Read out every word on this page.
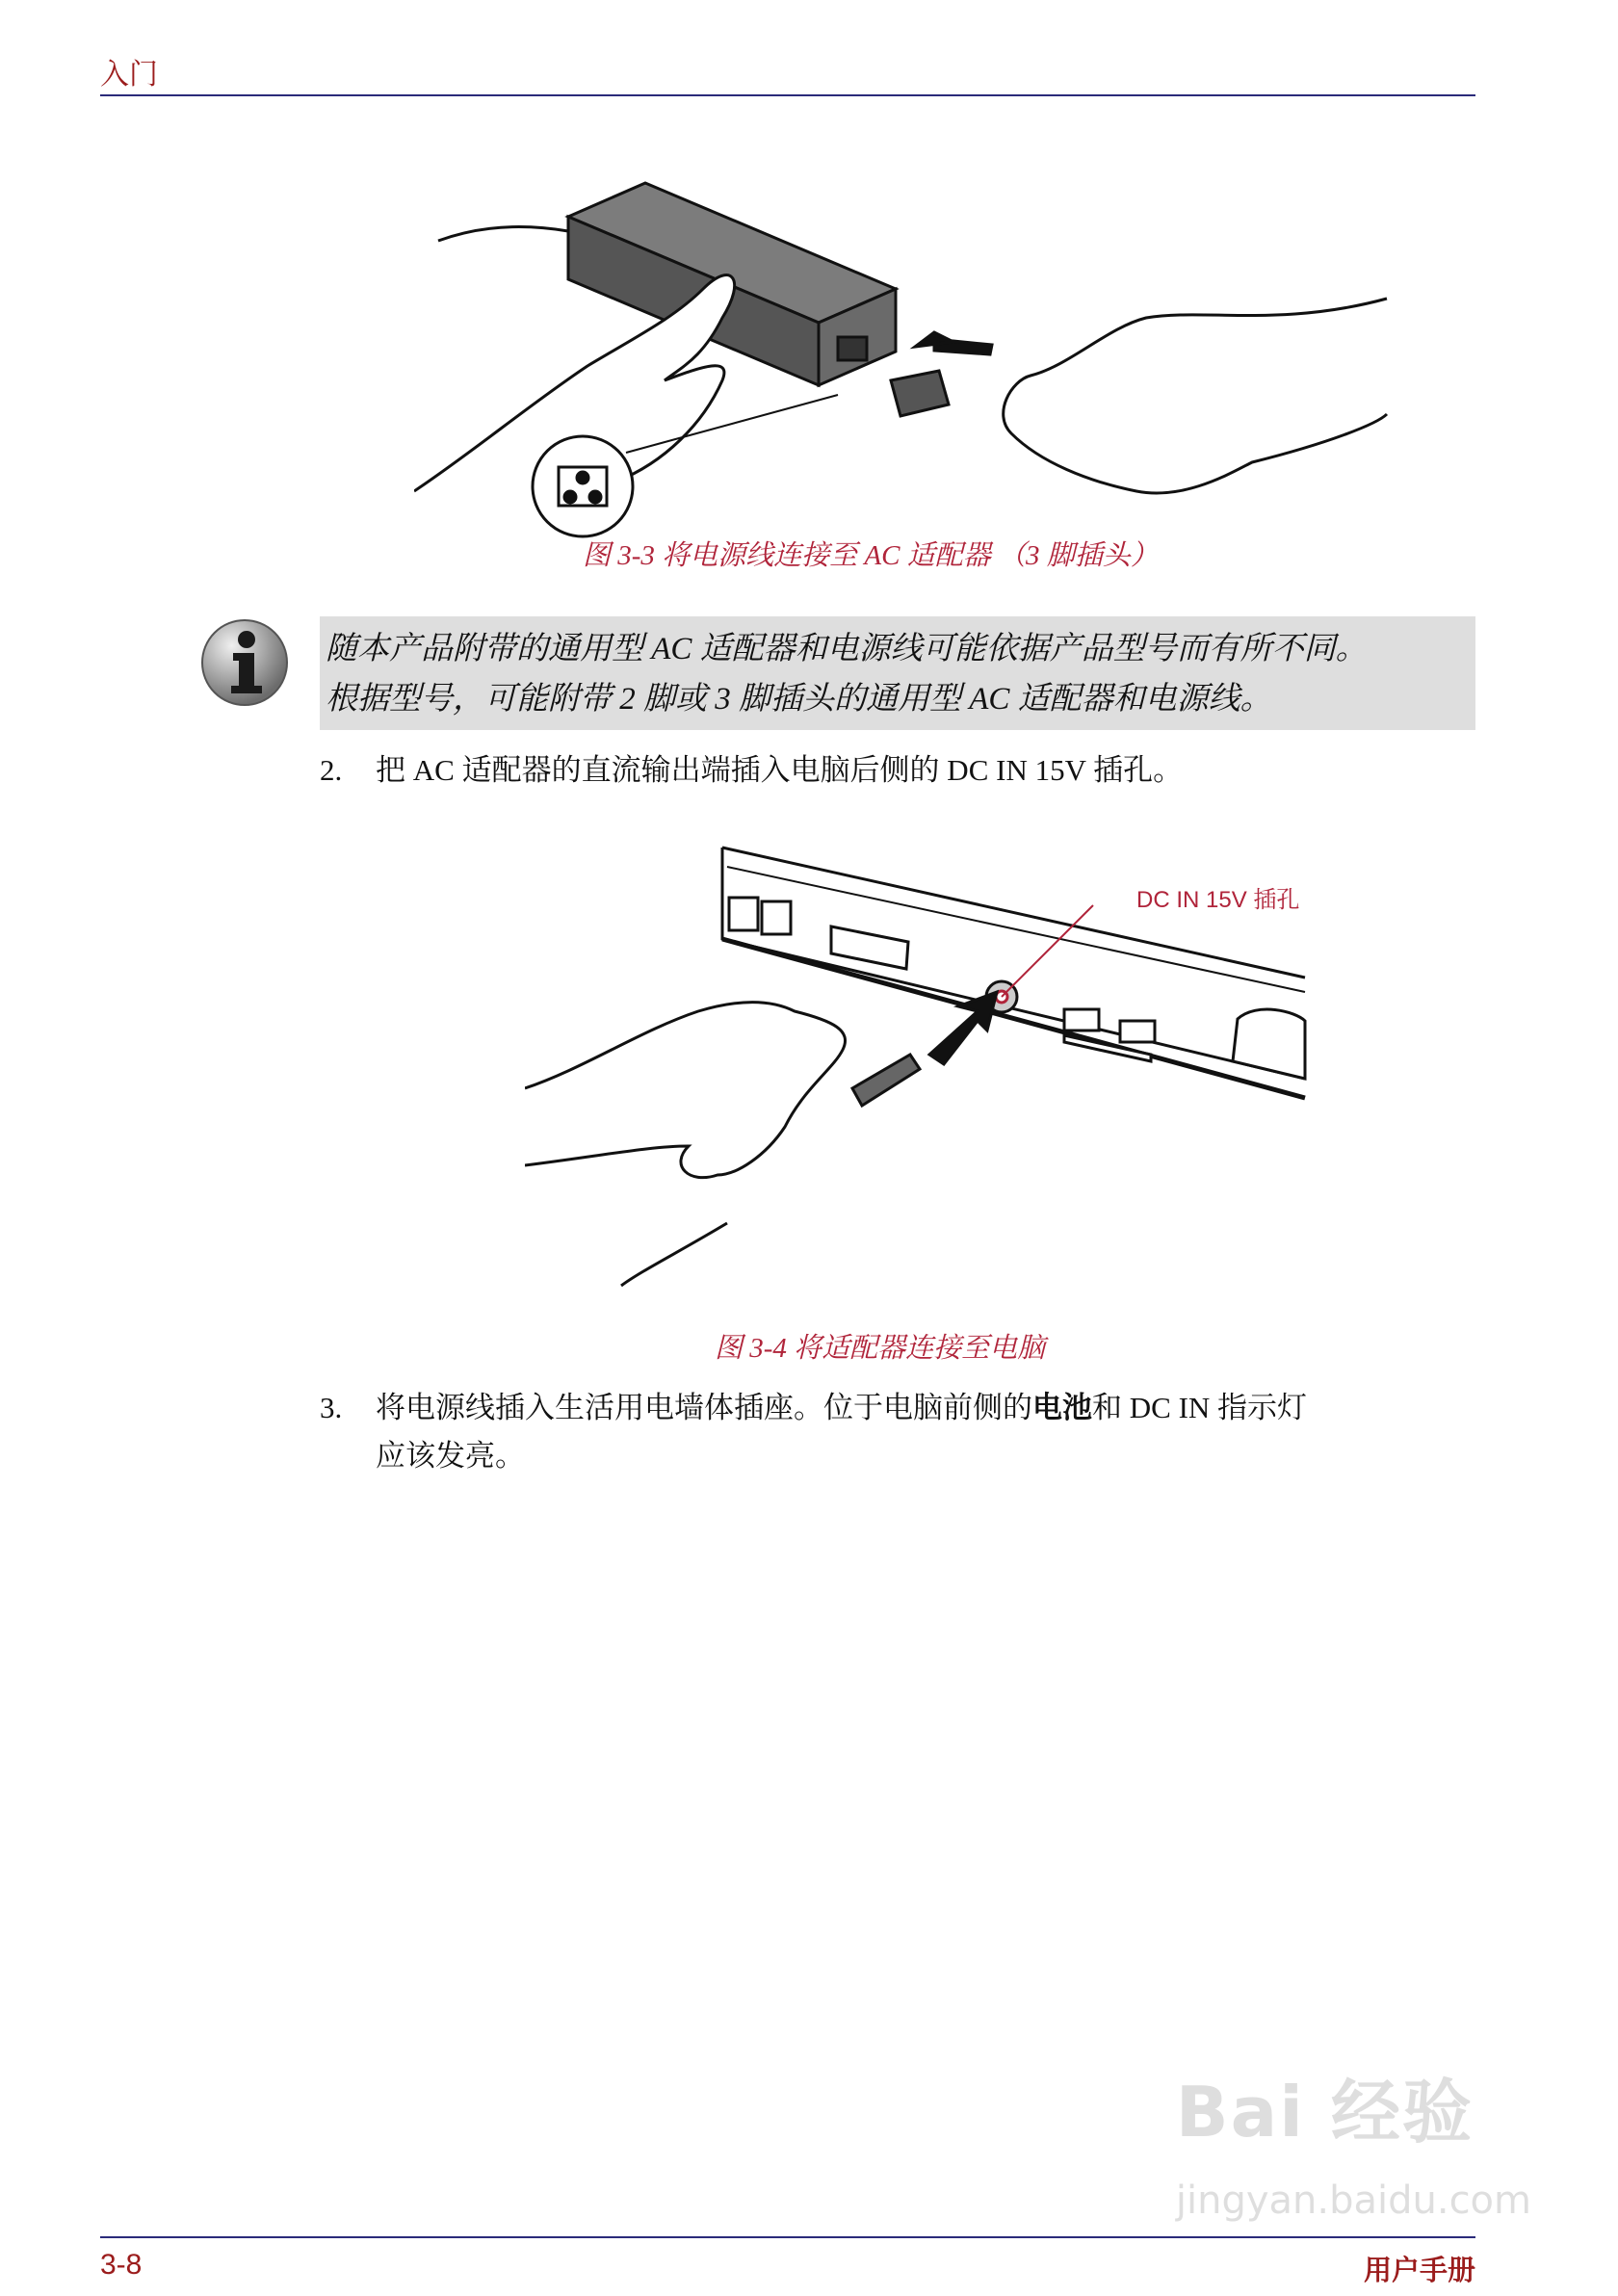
入门
图 3-3 将电源线连接至 AC 适配器 （3 脚插头）
随本产品附带的通用型 AC 适配器和电源线可能依据产品型号而有所不同。
根据型号，可能附带 2 脚或 3 脚插头的通用型 AC 适配器和电源线。
2. 把 AC 适配器的直流输出端插入电脑后侧的 DC IN 15V 插孔。
DC IN 15V 插孔
图 3-4 将适配器连接至电脑
3. 将电源线插入生活用电墙体插座。位于电脑前侧的电池和 DC IN 指示灯
应该发亮。
Bai 经验
jingyan.baidu.com
3-8	用户手册
